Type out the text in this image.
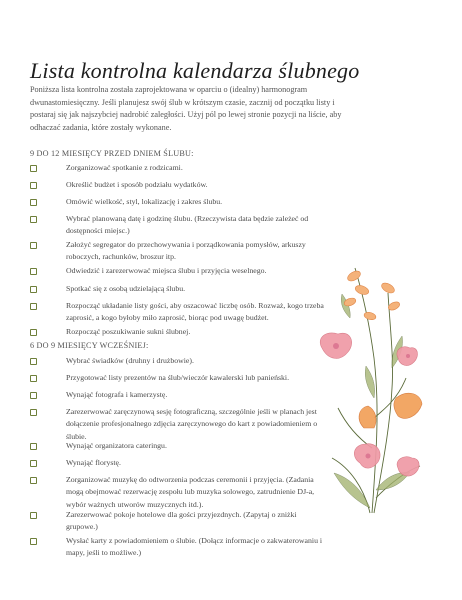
Lista kontrolna kalendarza ślubnego
Poniższa lista kontrolna została zaprojektowana w oparciu o (idealny) harmonogram dwunastomiesięczny. Jeśli planujesz swój ślub w krótszym czasie, zacznij od początku listy i postaraj się jak najszybciej nadrobić zaległości. Użyj pól po lewej stronie pozycji na liście, aby odhaczać zadania, które zostały wykonane.
9 DO 12 MIESIĘCY PRZED DNIEM ŚLUBU:
Zorganizować spotkanie z rodzicami.
Określić budżet i sposób podziału wydatków.
Omówić wielkość, styl, lokalizację i zakres ślubu.
Wybrać planowaną datę i godzinę ślubu. (Rzeczywista data będzie zależeć od dostępności miejsc.)
Założyć segregator do przechowywania i porządkowania pomysłów, arkuszy roboczych, rachunków, broszur itp.
Odwiedzić i zarezerwować miejsca ślubu i przyjęcia weselnego.
Spotkać się z osobą udzielającą ślubu.
Rozpocząć układanie listy gości, aby oszacować liczbę osób. Rozważ, kogo trzeba zaprosić, a kogo byłoby miło zaprosić, biorąc pod uwagę budżet.
Rozpocząć poszukiwanie sukni ślubnej.
6 DO 9 MIESIĘCY WCZEŚNIEJ:
Wybrać świadków (druhny i drużbowie).
Przygotować listy prezentów na ślub/wieczór kawalerski lub panieński.
Wynająć fotografa i kamerzystę.
Zarezerwować zaręczynową sesję fotograficzną, szczególnie jeśli w planach jest dołączenie profesjonalnego zdjęcia zaręczynowego do kart z powiadomieniem o ślubie.
Wynająć organizatora cateringu.
Wynająć florystę.
Zorganizować muzykę do odtworzenia podczas ceremonii i przyjęcia. (Zadania mogą obejmować rezerwację zespołu lub muzyka solowego, zatrudnienie DJ-a, wybór ważnych utworów muzycznych itd.).
Zarezerwować pokoje hotelowe dla gości przyjezdnych. (Zapytaj o zniżki grupowe.)
Wysłać karty z powiadomieniem o ślubie. (Dołącz informacje o zakwaterowaniu i mapy, jeśli to możliwe.)
